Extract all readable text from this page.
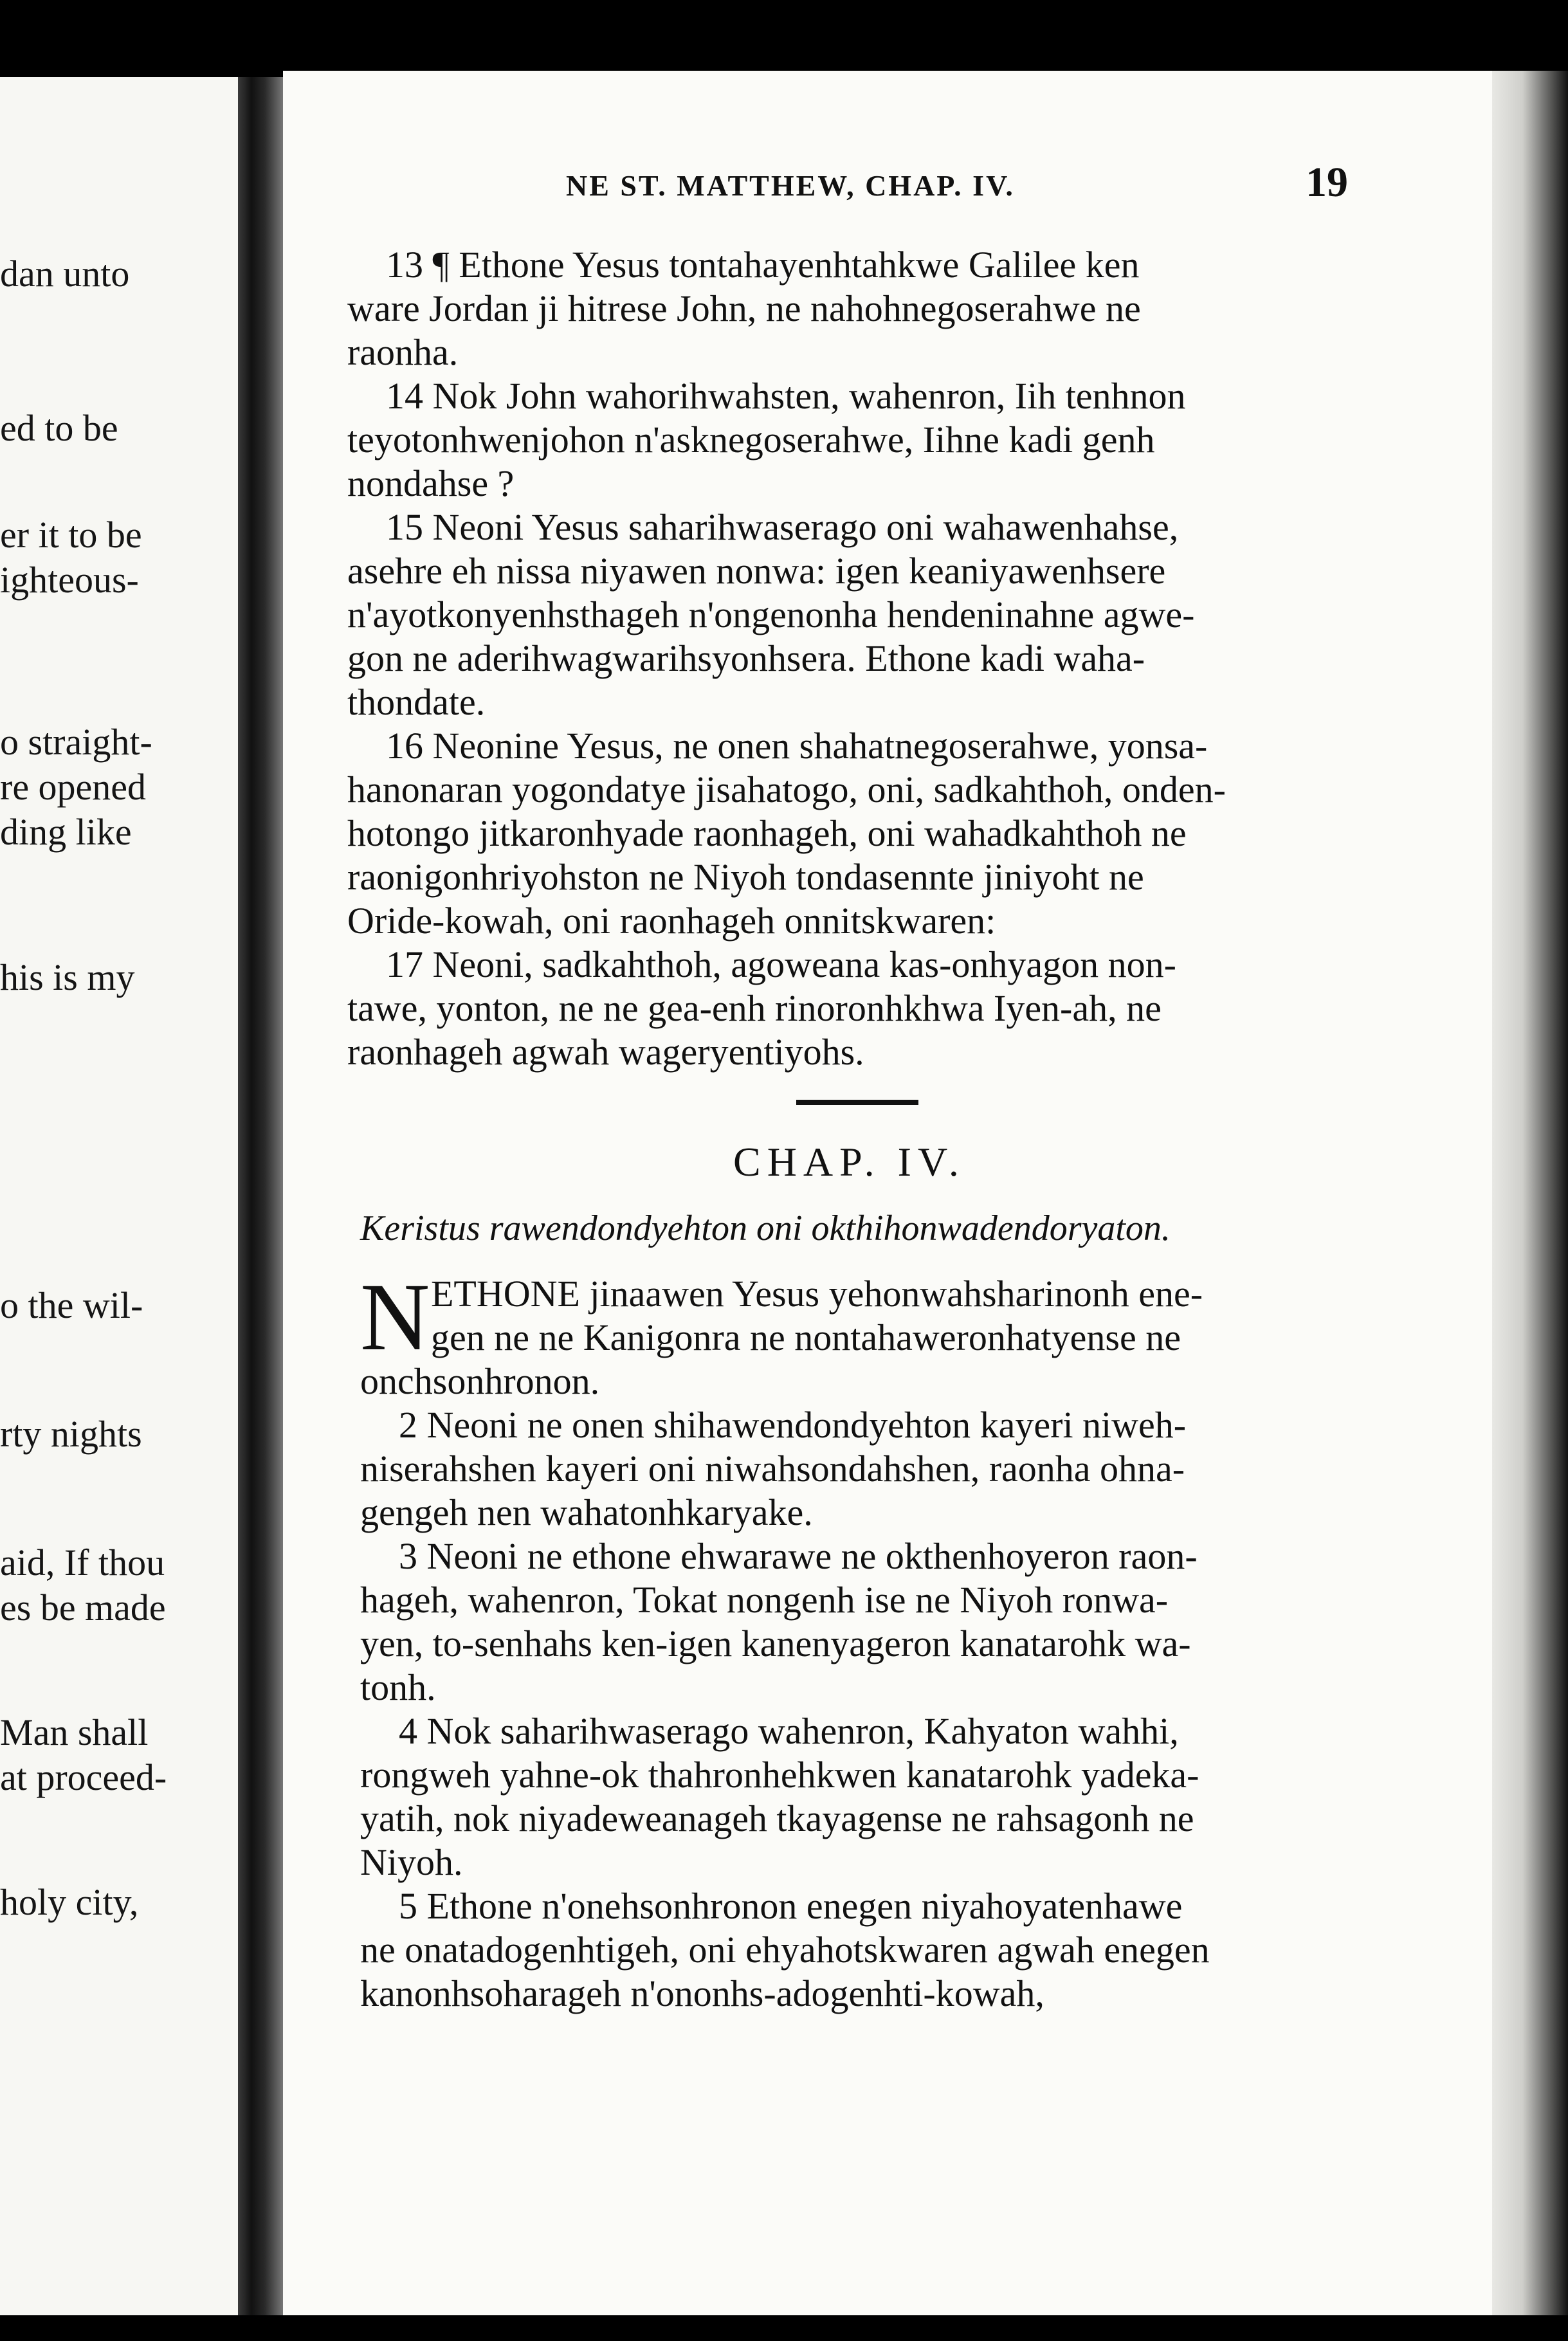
dan unto
ed to be
er it to be
ighteous-
o straight-
re opened
ding like
his is my
o the wil-
rty nights
aid, If thou
es be made
Man shall
at proceed-
holy city,
NE ST. MATTHEW, CHAP. IV.	19
13 ¶ Ethone Yesus tontahayenhtahkwe Galilee ken
ware Jordan ji hitrese John, ne nahohnegoserahwe ne
raonha.
14 Nok John wahorihwahsten, wahenron, Iih tenhnon
teyotonhwenjohon n'asknegoserahwe, Iihne kadi genh
nondahse ?
15 Neoni Yesus saharihwaserago oni wahawenhahse,
asehre eh nissa niyawen nonwa: igen keaniyawenhsere
n'ayotkonyenhsthageh n'ongenonha hendeninahne agwe-
gon ne aderihwagwarihsyonhsera. Ethone kadi waha-
thondate.
16 Neonine Yesus, ne onen shahatnegoserahwe, yonsa-
hanonaran yogondatye jisahatogo, oni, sadkahthoh, onden-
hotongo jitkaronhyade raonhageh, oni wahadkahthoh ne
raonigonhriyohston ne Niyoh tondasennte jiniyoht ne
Oride-kowah, oni raonhageh onnitskwaren:
17 Neoni, sadkahthoh, agoweana kas-onhyagon non-
tawe, yonton, ne ne gea-enh rinoronhkhwa Iyen-ah, ne
raonhageh agwah wageryentiyohs.
CHAP. IV.
Keristus rawendondyehton oni okthihonwadendoryaton.
N ETHONE jinaawen Yesus yehonwahsharinonh ene-
gen ne ne Kanigonra ne nontahaweronhatyense ne
onchsonhronon.
2 Neoni ne onen shihawendondyehton kayeri niweh-
niserahshen kayeri oni niwahsondahshen, raonha ohna-
gengeh nen wahatonhkaryake.
3 Neoni ne ethone ehwarawe ne okthenhoyeron raon-
hageh, wahenron, Tokat nongenh ise ne Niyoh ronwa-
yen, to-senhahs ken-igen kanenyageron kanatarohk wa-
tonh.
4 Nok saharihwaserago wahenron, Kahyaton wahhi,
rongweh yahne-ok thahronhehkwen kanatarohk yadeka-
yatih, nok niyadeweanageh tkayagense ne rahsagonh ne
Niyoh.
5 Ethone n'onehsonhronon enegen niyahoyatenhawe
ne onatadogenhtigeh, oni ehyahotskwaren agwah enegen
kanonhsoharageh n'ononhs-adogenhti-kowah,
